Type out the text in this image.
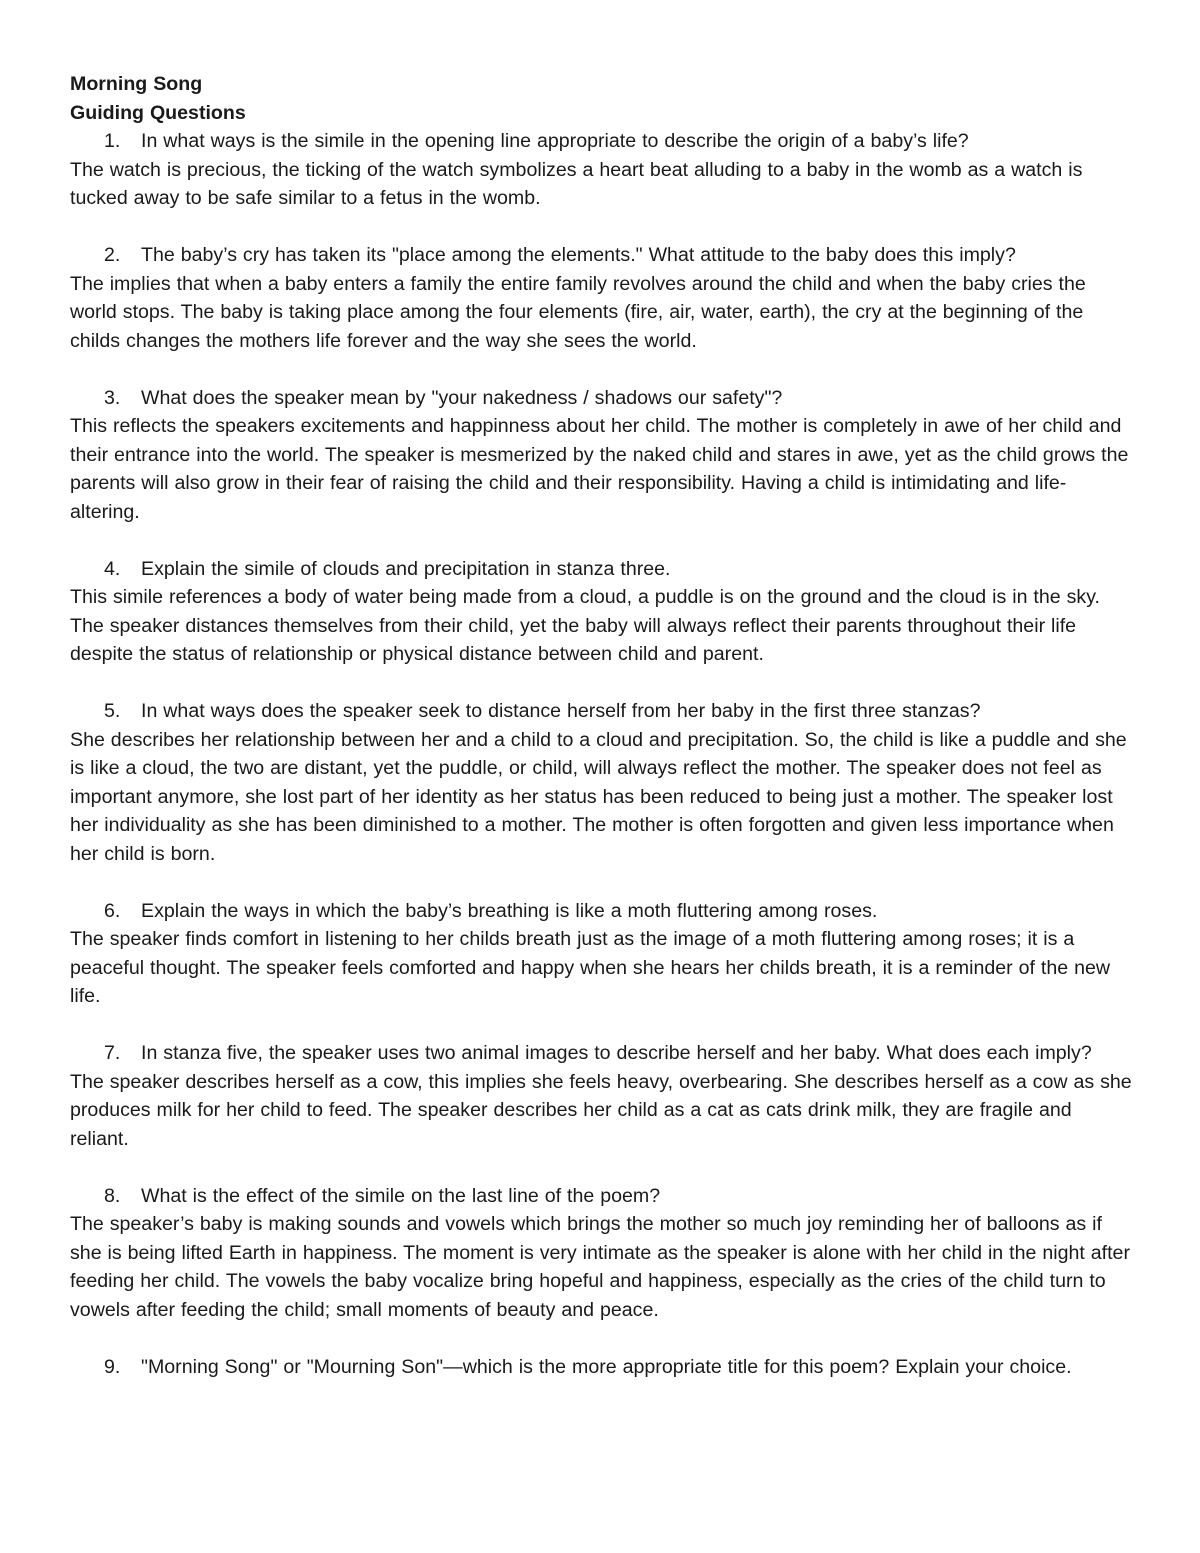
Morning Song

Guiding Questions

1. In what ways is the simile in the opening line appropriate to describe the origin of a baby’s life?

The watch is precious, the ticking of the watch symbolizes a heart beat alluding to a baby in the womb as a watch is tucked away to be safe similar to a fetus in the womb.

2. The baby’s cry has taken its "place among the elements." What attitude to the baby does this imply?

The implies that when a baby enters a family the entire family revolves around the child and when the baby cries the world stops. The baby is taking place among the four elements (fire, air, water, earth), the cry at the beginning of the childs changes the mothers life forever and the way she sees the world.

3. What does the speaker mean by "your nakedness / shadows our safety"?

This reflects the speakers excitements and happinness about her child. The mother is completely in awe of her child and their entrance into the world. The speaker is mesmerized by the naked child and stares in awe, yet as the child grows the parents will also grow in their fear of raising the child and their responsibility. Having a child is intimidating and life-altering.

4. Explain the simile of clouds and precipitation in stanza three.

This simile references a body of water being made from a cloud, a puddle is on the ground and the cloud is in the sky. The speaker distances themselves from their child, yet the baby will always reflect their parents throughout their life despite the status of relationship or physical distance between child and parent.

5. In what ways does the speaker seek to distance herself from her baby in the first three stanzas?

She describes her relationship between her and a child to a cloud and precipitation. So, the child is like a puddle and she is like a cloud, the two are distant, yet the puddle, or child, will always reflect the mother. The speaker does not feel as important anymore, she lost part of her identity as her status has been reduced to being just a mother. The speaker lost her individuality as she has been diminished to a mother. The mother is often forgotten and given less importance when her child is born.

6. Explain the ways in which the baby’s breathing is like a moth fluttering among roses.

The speaker finds comfort in listening to her childs breath just as the image of a moth fluttering among roses; it is a peaceful thought. The speaker feels comforted and happy when she hears her childs breath, it is a reminder of the new life.

7. In stanza five, the speaker uses two animal images to describe herself and her baby. What does each imply?

The speaker describes herself as a cow, this implies she feels heavy, overbearing. She describes herself as a cow as she produces milk for her child to feed. The speaker describes her child as a cat as cats drink milk, they are fragile and reliant.

8. What is the effect of the simile on the last line of the poem?

The speaker’s baby is making sounds and vowels which brings the mother so much joy reminding her of balloons as if she is being lifted Earth in happiness. The moment is very intimate as the speaker is alone with her child in the night after feeding her child. The vowels the baby vocalize bring hopeful and happiness, especially as the cries of the child turn to vowels after feeding the child; small moments of beauty and peace.

9. "Morning Song" or "Mourning Son"—which is the more appropriate title for this poem? Explain your choice.
